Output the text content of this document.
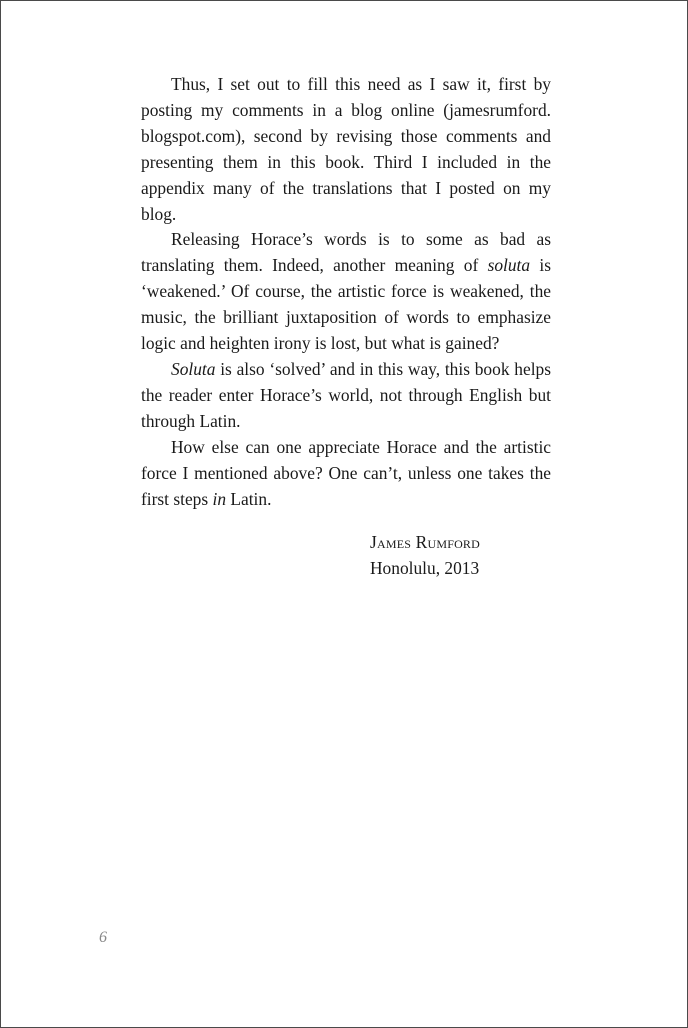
Thus, I set out to fill this need as I saw it, first by posting my comments in a blog online (jamesrumford. blogspot.com), second by revising those comments and presenting them in this book. Third I included in the appendix many of the translations that I posted on my blog.

Releasing Horace’s words is to some as bad as translating them. Indeed, another meaning of soluta is ‘weakened.’ Of course, the artistic force is weakened, the music, the brilliant juxtaposition of words to emphasize logic and heighten irony is lost, but what is gained?

Soluta is also ‘solved’ and in this way, this book helps the reader enter Horace’s world, not through English but through Latin.

How else can one appreciate Horace and the artistic force I mentioned above? One can’t, unless one takes the first steps in Latin.

James Rumford
Honolulu, 2013
6
